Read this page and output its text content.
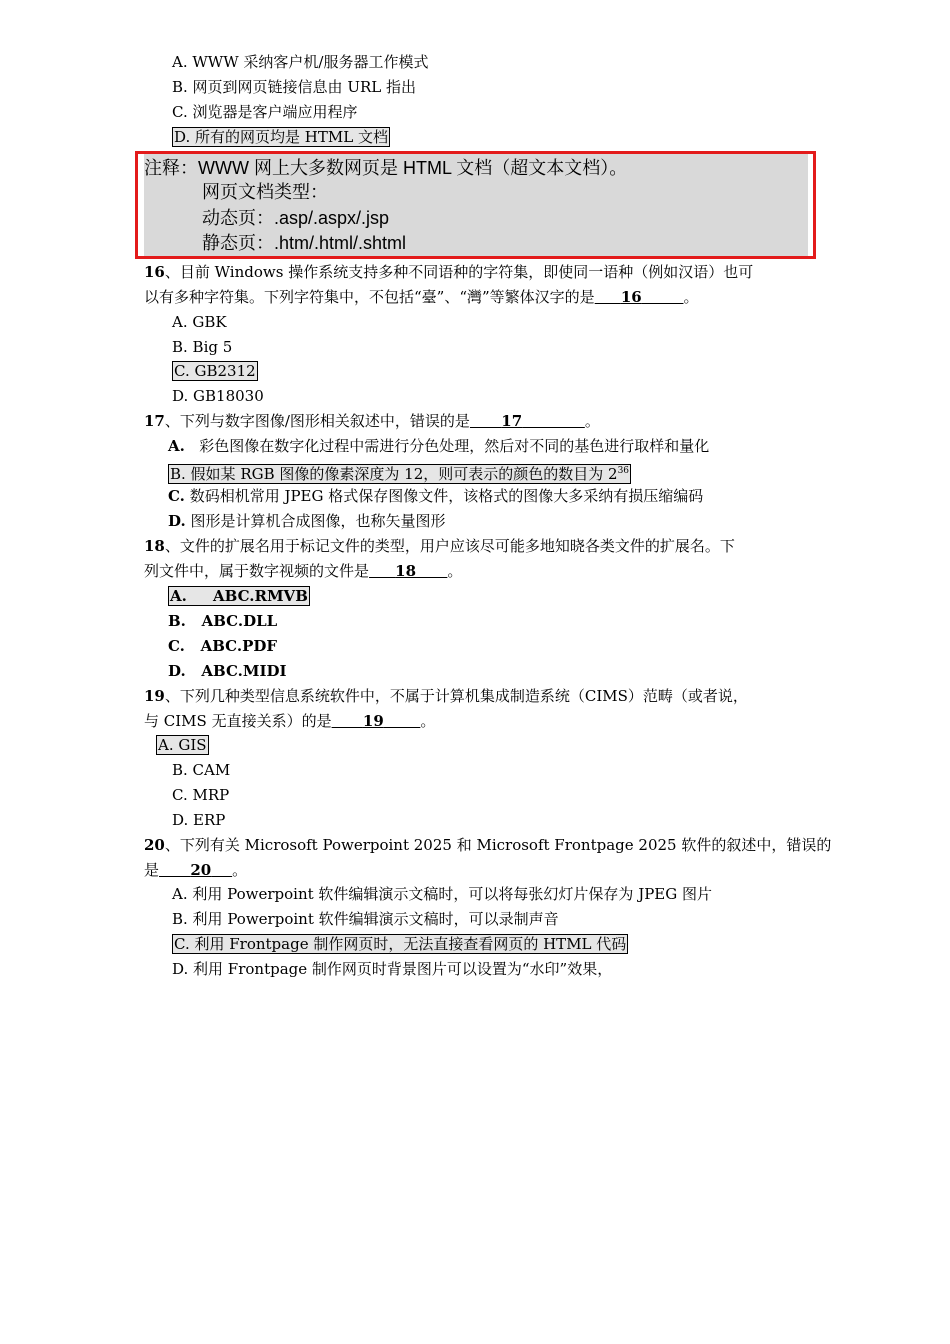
A. WWW 采纳客户机/服务器工作模式
B. 网页到网页链接信息由 URL 指出
C. 浏览器是客户端应用程序
D. 所有的网页均是 HTML 文档
注释：WWW 网上大多数网页是 HTML 文档（超文本文档）。
网页文档类型：
动态页：.asp/.aspx/.jsp
静态页：.htm/.html/.shtml
16、目前 Windows 操作系统支持多种不同语种的字符集，即使同一语种（例如汉语）也可
以有多种字符集。下列字符集中，不包括“臺”、“灣”等繁体汉字的是 16	。
A. GBK
B. Big 5
C. GB2312
D. GB18030
17、下列与数字图像/图形相关叙述中，错误的是 17	。
A. 彩色图像在数字化过程中需进行分色处理，然后对不同的基色进行取样和量化
B. 假如某 RGB 图像的像素深度为 12，则可表示的颜色的数目为 $2^{36}$
C. 数码相机常用 JPEG 格式保存图像文件，该格式的图像大多采纳有损压缩编码
D. 图形是计算机合成图像，也称矢量图形
18、文件的扩展名用于标记文件的类型，用户应该尽可能多地知晓各类文件的扩展名。下
列文件中，属于数字视频的文件是 18 。
A. ABC.RMVB
B. ABC.DLL
C. ABC.PDF
D. ABC.MIDI
19、下列几种类型信息系统软件中，不属于计算机集成制造系统（CIMS）范畴（或者说，
与 CIMS 无直接关系）的是 19 。
A. GIS
B. CAM
C. MRP
D. ERP
20、下列有关 Microsoft Powerpoint 2025 和 Microsoft Frontpage 2025 软件的叙述中，错误的
是 20 。
A. 利用 Powerpoint 软件编辑演示文稿时，可以将每张幻灯片保存为 JPEG 图片
B. 利用 Powerpoint 软件编辑演示文稿时，可以录制声音
C. 利用 Frontpage 制作网页时，无法直接查看网页的 HTML 代码
D. 利用 Frontpage 制作网页时背景图片可以设置为“水印”效果，
